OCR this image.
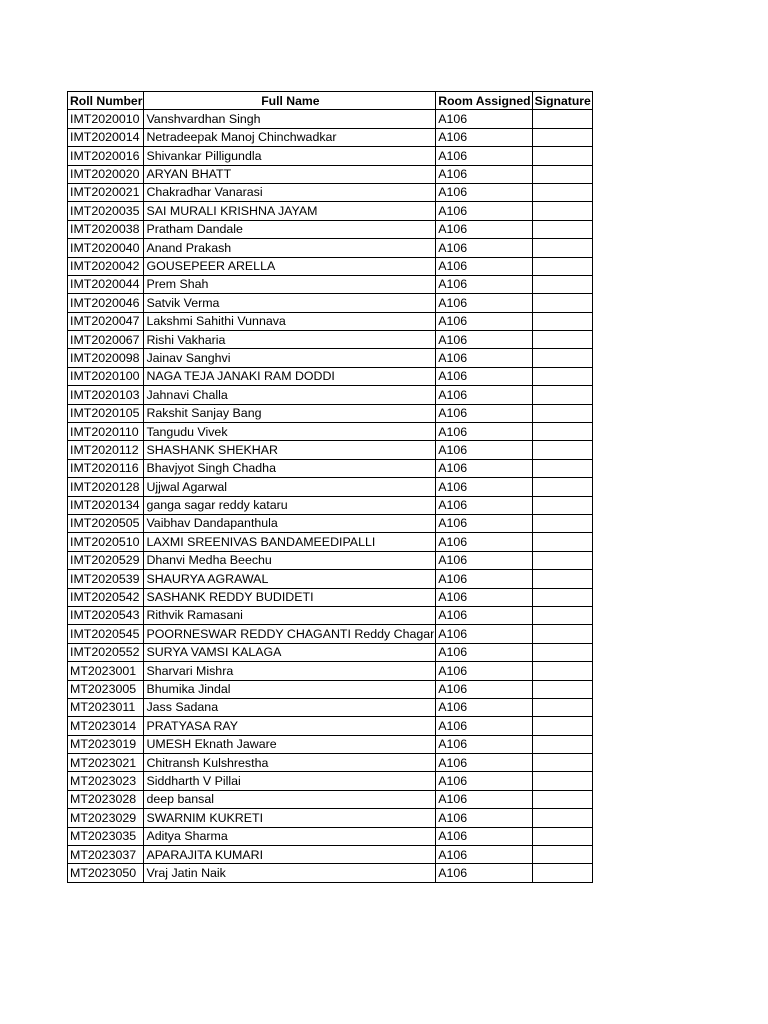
Roll Number	Full Name	Room Assigned	Signature
IMT2020010	Vanshvardhan Singh	A106	
IMT2020014	Netradeepak Manoj Chinchwadkar	A106	
IMT2020016	Shivankar Pilligundla	A106	
IMT2020020	ARYAN BHATT	A106	
IMT2020021	Chakradhar Vanarasi	A106	
IMT2020035	SAI MURALI KRISHNA JAYAM	A106	
IMT2020038	Pratham Dandale	A106	
IMT2020040	Anand Prakash	A106	
IMT2020042	GOUSEPEER ARELLA	A106	
IMT2020044	Prem Shah	A106	
IMT2020046	Satvik Verma	A106	
IMT2020047	Lakshmi Sahithi Vunnava	A106	
IMT2020067	Rishi Vakharia	A106	
IMT2020098	Jainav Sanghvi	A106	
IMT2020100	NAGA TEJA JANAKI RAM DODDI	A106	
IMT2020103	Jahnavi Challa	A106	
IMT2020105	Rakshit Sanjay Bang	A106	
IMT2020110	Tangudu Vivek	A106	
IMT2020112	SHASHANK SHEKHAR	A106	
IMT2020116	Bhavjyot Singh Chadha	A106	
IMT2020128	Ujjwal Agarwal	A106	
IMT2020134	ganga sagar reddy kataru	A106	
IMT2020505	Vaibhav Dandapanthula	A106	
IMT2020510	LAXMI SREENIVAS BANDAMEEDIPALLI	A106	
IMT2020529	Dhanvi Medha Beechu	A106	
IMT2020539	SHAURYA AGRAWAL	A106	
IMT2020542	SASHANK REDDY BUDIDETI	A106	
IMT2020543	Rithvik Ramasani	A106	
IMT2020545	POORNESWAR REDDY CHAGANTI Reddy Chagar	A106	
IMT2020552	SURYA VAMSI KALAGA	A106	
MT2023001	Sharvari Mishra	A106	
MT2023005	Bhumika Jindal	A106	
MT2023011	Jass Sadana	A106	
MT2023014	PRATYASA RAY	A106	
MT2023019	UMESH Eknath Jaware	A106	
MT2023021	Chitransh Kulshrestha	A106	
MT2023023	Siddharth V Pillai	A106	
MT2023028	deep bansal	A106	
MT2023029	SWARNIM KUKRETI	A106	
MT2023035	Aditya Sharma	A106	
MT2023037	APARAJITA KUMARI	A106	
MT2023050	Vraj Jatin Naik	A106	
